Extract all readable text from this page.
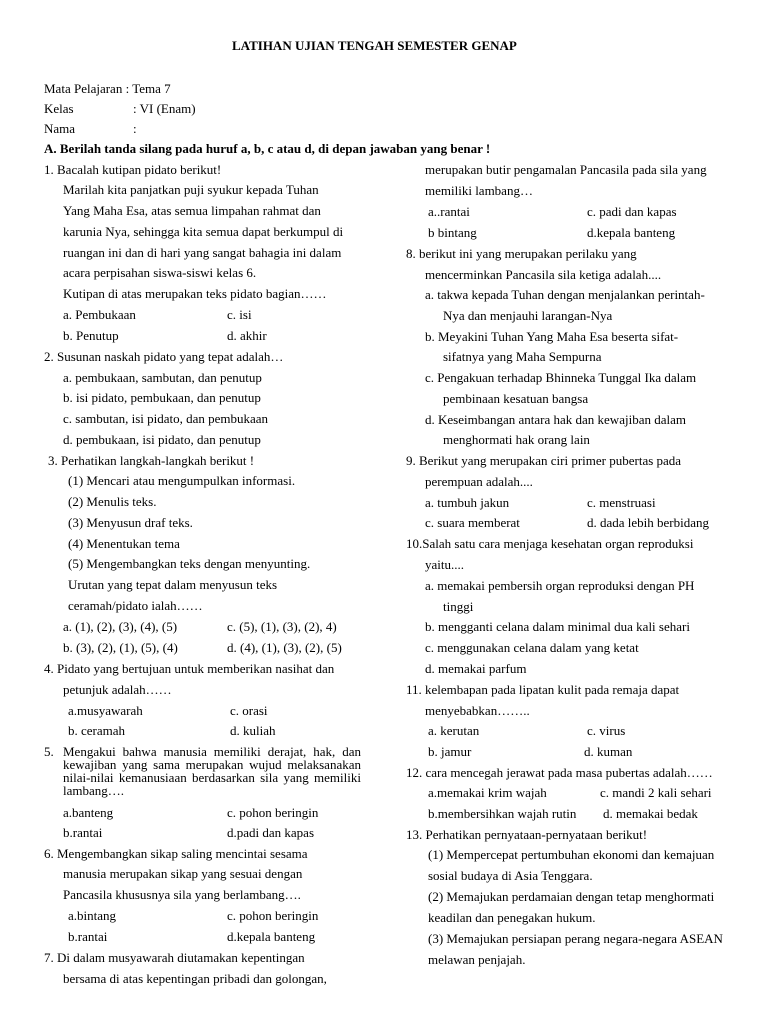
LATIHAN UJIAN TENGAH SEMESTER GENAP
Mata Pelajaran : Tema 7
Kelas	: VI (Enam)
Nama	:
A. Berilah tanda silang pada huruf a, b, c atau d, di depan jawaban yang benar !
1. Bacalah kutipan pidato berikut!
Marilah kita panjatkan puji syukur kepada Tuhan
Yang Maha Esa, atas semua limpahan rahmat dan
karunia Nya, sehingga kita semua dapat berkumpul di
ruangan ini dan di hari yang sangat bahagia ini dalam
acara perpisahan siswa-siswi kelas 6.
Kutipan di atas merupakan teks pidato bagian……
a. Pembukaan	c. isi
b. Penutup	d. akhir
2. Susunan naskah pidato yang tepat adalah…
a. pembukaan, sambutan, dan penutup
b. isi pidato, pembukaan, dan penutup
c. sambutan, isi pidato, dan pembukaan
d. pembukaan, isi pidato, dan penutup
3. Perhatikan langkah-langkah berikut !
(1) Mencari atau mengumpulkan informasi.
(2) Menulis teks.
(3) Menyusun draf teks.
(4) Menentukan tema
(5) Mengembangkan teks dengan menyunting.
Urutan yang tepat dalam menyusun teks
ceramah/pidato ialah……
a. (1), (2), (3), (4), (5)	c. (5), (1), (3), (2), 4)
b. (3), (2), (1), (5), (4)	d. (4), (1), (3), (2), (5)
4. Pidato yang bertujuan untuk memberikan nasihat dan
petunjuk adalah……
a.musyawarah	c. orasi
b. ceramah	d. kuliah
5. Mengakui bahwa manusia memiliki derajat, hak, dan kewajiban yang sama merupakan wujud melaksanakan nilai-nilai kemanusiaan berdasarkan sila yang memiliki lambang….
a.banteng	c. pohon beringin
b.rantai	d.padi dan kapas
6. Mengembangkan sikap saling mencintai sesama
manusia merupakan sikap yang sesuai dengan
Pancasila khususnya sila yang berlambang….
a.bintang	c. pohon beringin
b.rantai	d.kepala banteng
7. Di dalam musyawarah diutamakan kepentingan
bersama di atas kepentingan pribadi dan golongan,
merupakan butir pengamalan Pancasila pada sila yang
memiliki lambang…
a..rantai	c. padi dan kapas
b bintang	d.kepala banteng
8. berikut ini yang merupakan perilaku yang
mencerminkan Pancasila sila ketiga adalah....
a. takwa kepada Tuhan dengan menjalankan perintah-
Nya dan menjauhi larangan-Nya
b. Meyakini Tuhan Yang Maha Esa beserta sifat-
sifatnya yang Maha Sempurna
c. Pengakuan terhadap Bhinneka Tunggal Ika dalam
pembinaan kesatuan bangsa
d. Keseimbangan antara hak dan kewajiban dalam
menghormati hak orang lain
9. Berikut yang merupakan ciri primer pubertas pada
perempuan adalah....
a. tumbuh jakun	c. menstruasi
c. suara memberat	d. dada lebih berbidang
10.Salah satu cara menjaga kesehatan organ reproduksi
yaitu....
a. memakai pembersih organ reproduksi dengan PH
tinggi
b. mengganti celana dalam minimal dua kali sehari
c. menggunakan celana dalam yang ketat
d. memakai parfum
11. kelembapan pada lipatan kulit pada remaja dapat
menyebabkan……..
a. kerutan	c. virus
b. jamur	d. kuman
12. cara mencegah jerawat pada masa pubertas adalah……
a.memakai krim wajah	c. mandi 2 kali sehari
b.membersihkan wajah rutin d. memakai bedak
13. Perhatikan pernyataan-pernyataan berikut!
(1) Mempercepat pertumbuhan ekonomi dan kemajuan
sosial budaya di Asia Tenggara.
(2) Memajukan perdamaian dengan tetap menghormati
keadilan dan penegakan hukum.
(3) Memajukan persiapan perang negara-negara ASEAN
melawan penjajah.
